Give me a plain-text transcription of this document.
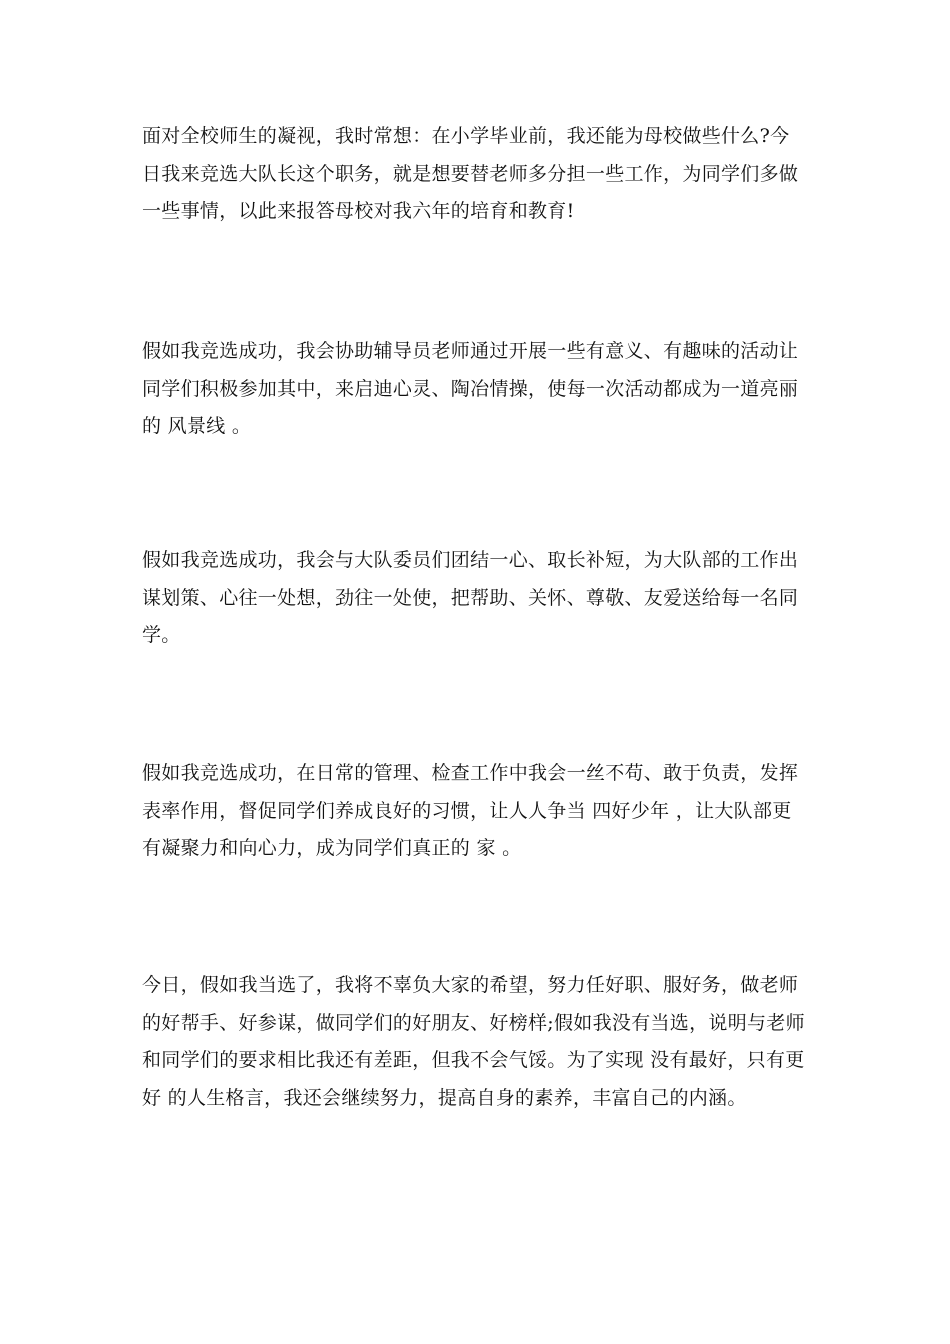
面对全校师生的凝视，我时常想：在小学毕业前，我还能为母校做些什么?今
日我来竞选大队长这个职务，就是想要替老师多分担一些工作，为同学们多做
一些事情，以此来报答母校对我六年的培育和教育!

假如我竞选成功，我会协助辅导员老师通过开展一些有意义、有趣味的活动让
同学们积极参加其中，来启迪心灵、陶冶情操，使每一次活动都成为一道亮丽
的 风景线 。

假如我竞选成功，我会与大队委员们团结一心、取长补短，为大队部的工作出
谋划策、心往一处想，劲往一处使，把帮助、关怀、尊敬、友爱送给每一名同
学。

假如我竞选成功，在日常的管理、检查工作中我会一丝不苟、敢于负责，发挥
表率作用，督促同学们养成良好的习惯，让人人争当 四好少年 ，让大队部更
有凝聚力和向心力，成为同学们真正的 家 。

今日，假如我当选了，我将不辜负大家的希望，努力任好职、服好务，做老师
的好帮手、好参谋，做同学们的好朋友、好榜样;假如我没有当选，说明与老师
和同学们的要求相比我还有差距，但我不会气馁。为了实现 没有最好，只有更
好 的人生格言，我还会继续努力，提高自身的素养，丰富自己的内涵。
